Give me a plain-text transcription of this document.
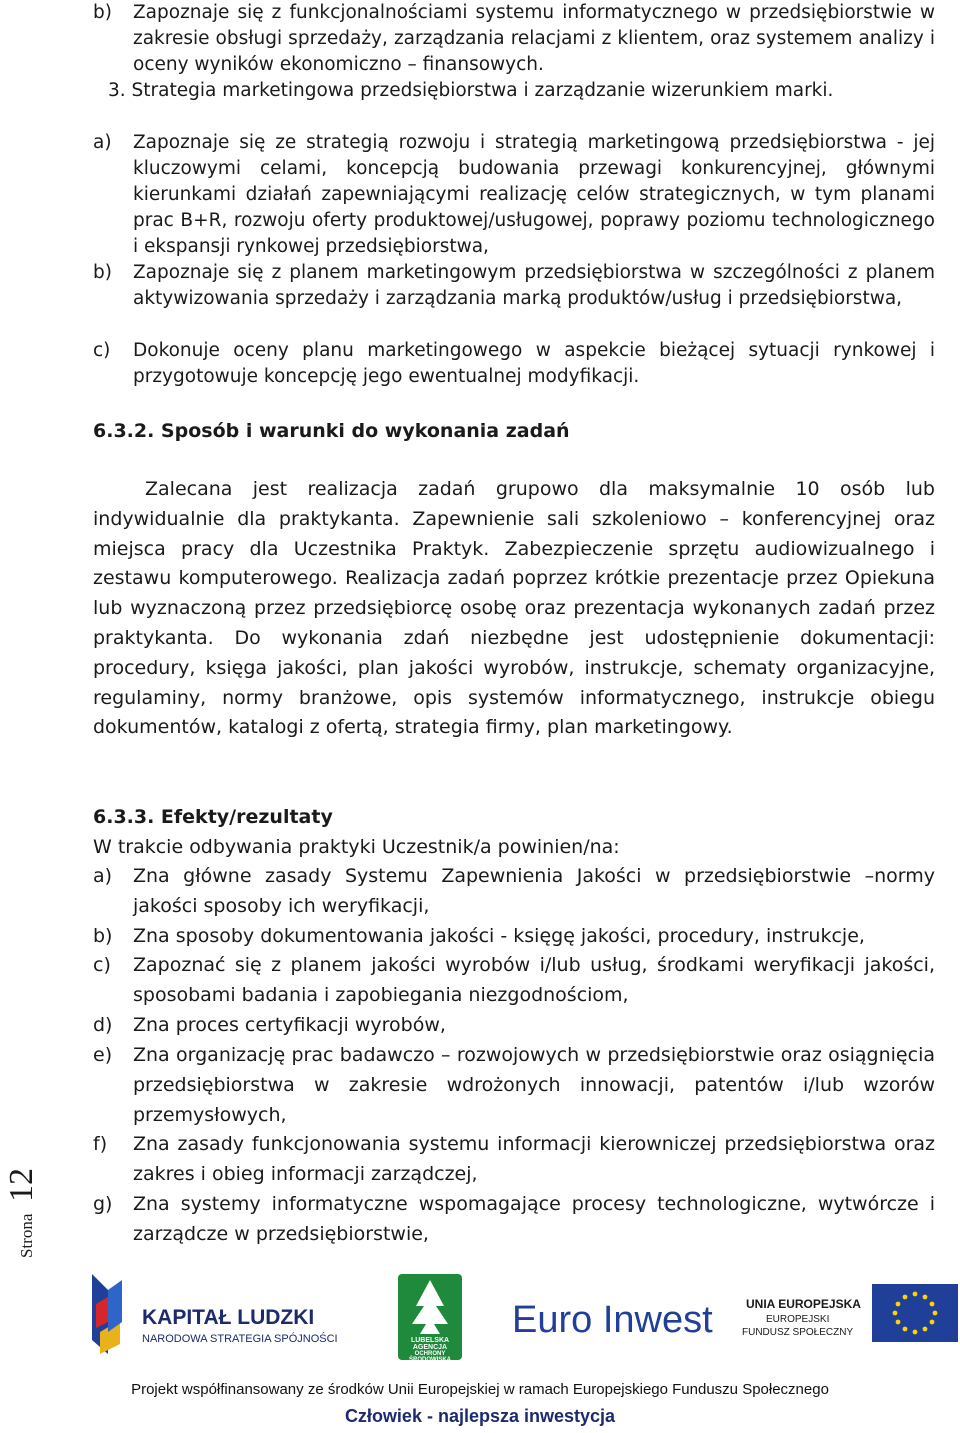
b) Zapoznaje się z funkcjonalnościami systemu informatycznego w przedsiębiorstwie w zakresie obsługi sprzedaży, zarządzania relacjami z klientem, oraz systemem analizy i oceny wyników ekonomiczno – finansowych.
3. Strategia marketingowa przedsiębiorstwa i zarządzanie wizerunkiem marki.
a) Zapoznaje się ze strategią rozwoju i strategią marketingową przedsiębiorstwa - jej kluczowymi celami, koncepcją budowania przewagi konkurencyjnej, głównymi kierunkami działań zapewniającymi realizację celów strategicznych, w tym planami prac B+R, rozwoju oferty produktowej/usługowej, poprawy poziomu technologicznego i ekspansji rynkowej przedsiębiorstwa,
b) Zapoznaje się z planem marketingowym przedsiębiorstwa w szczególności z planem aktywizowania sprzedaży i zarządzania marką produktów/usług i przedsiębiorstwa,
c) Dokonuje oceny planu marketingowego w aspekcie bieżącej sytuacji rynkowej i przygotowuje koncepcję jego ewentualnej modyfikacji.
6.3.2. Sposób i warunki do wykonania zadań
Zalecana jest realizacja zadań grupowo dla maksymalnie 10 osób lub indywidualnie dla praktykanta. Zapewnienie sali szkoleniowo – konferencyjnej oraz miejsca pracy dla Uczestnika Praktyk. Zabezpieczenie sprzętu audiowizualnego i zestawu komputerowego. Realizacja zadań poprzez krótkie prezentacje przez Opiekuna lub wyznaczoną przez przedsiębiorcę osobę oraz prezentacja wykonanych zadań przez praktykanta. Do wykonania zdań niezbędne jest udostępnienie dokumentacji: procedury, księga jakości, plan jakości wyrobów, instrukcje, schematy organizacyjne, regulaminy, normy branżowe, opis systemów informatycznego, instrukcje obiegu dokumentów, katalogi z ofertą, strategia firmy, plan marketingowy.
6.3.3. Efekty/rezultaty
W trakcie odbywania praktyki Uczestnik/a powinien/na:
a) Zna główne zasady Systemu Zapewnienia Jakości w przedsiębiorstwie –normy jakości sposoby ich weryfikacji,
b) Zna sposoby dokumentowania jakości - księgę jakości, procedury, instrukcje,
c) Zapoznać się z planem jakości wyrobów i/lub usług, środkami weryfikacji jakości, sposobami badania i zapobiegania niezgodnościom,
d) Zna proces certyfikacji wyrobów,
e) Zna organizację prac badawczo – rozwojowych w przedsiębiorstwie oraz osiągnięcia przedsiębiorstwa w zakresie wdrożonych innowacji, patentów i/lub wzorów przemysłowych,
f) Zna zasady funkcjonowania systemu informacji kierowniczej przedsiębiorstwa oraz zakres i obieg informacji zarządczej,
g) Zna systemy informatyczne wspomagające procesy technologiczne, wytwórcze i zarządcze w przedsiębiorstwie,
Strona
12
KAPITAŁ LUDZKI
NARODOWA STRATEGIA SPÓJNOŚCI	LUBELSKA
AGENCJA
OCHRONY
ŚRODOWISKA
Euro Inwest	UNIA EUROPEJSKA
EUROPEJSKI
FUNDUSZ SPOŁECZNY
Projekt współfinansowany ze środków Unii Europejskiej w ramach Europejskiego Funduszu Społecznego
Człowiek - najlepsza inwestycja
